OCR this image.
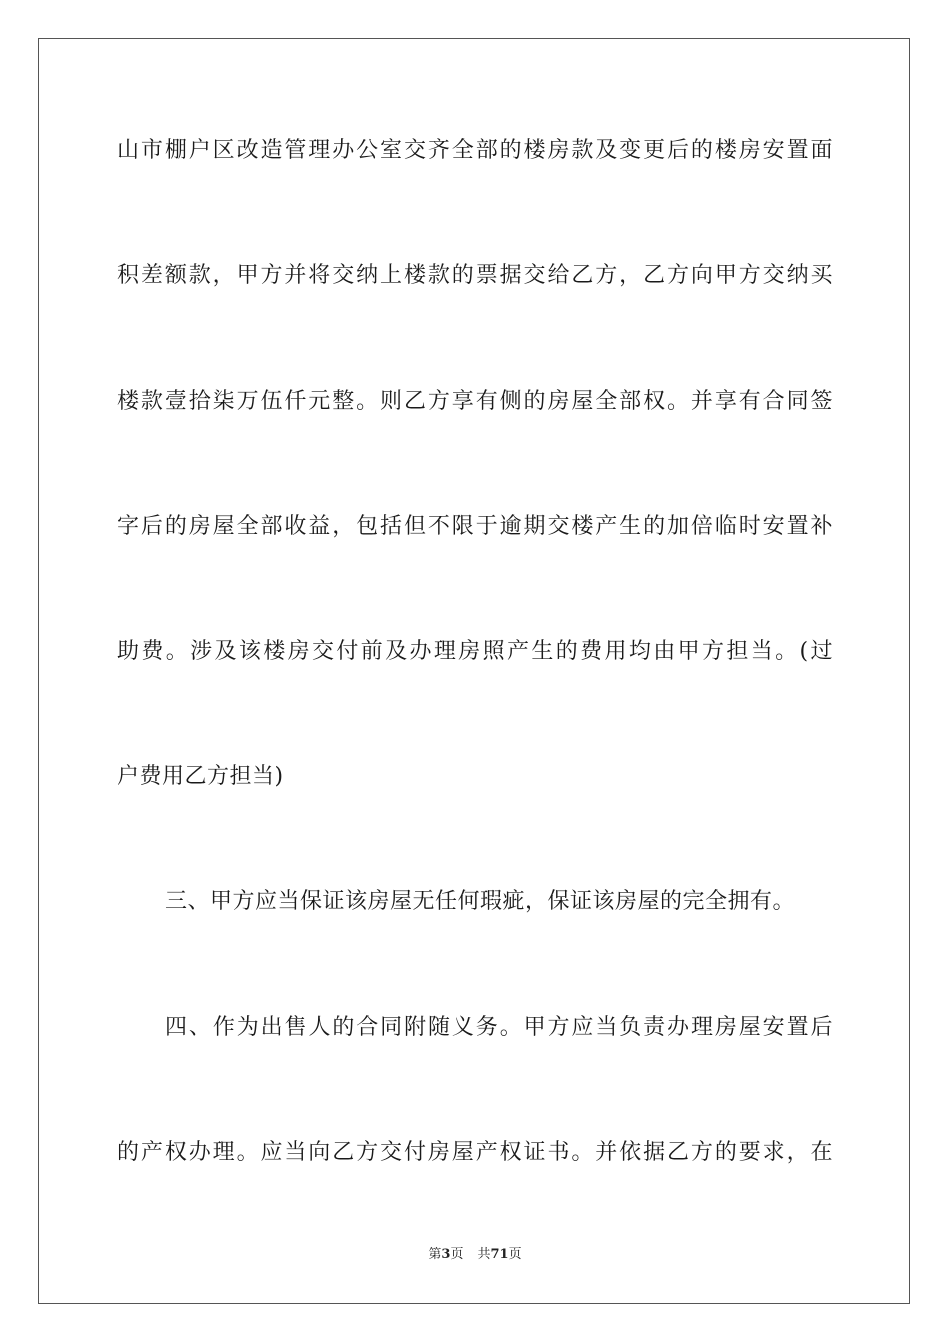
山市棚户区改造管理办公室交齐全部的楼房款及变更后的楼房安置面
积差额款，甲方并将交纳上楼款的票据交给乙方，乙方向甲方交纳买
楼款壹拾柒万伍仟元整。则乙方享有侧的房屋全部权。并享有合同签
字后的房屋全部收益，包括但不限于逾期交楼产生的加倍临时安置补
助费。涉及该楼房交付前及办理房照产生的费用均由甲方担当。(过
户费用乙方担当)
三、甲方应当保证该房屋无任何瑕疵，保证该房屋的完全拥有。
四、作为出售人的合同附随义务。甲方应当负责办理房屋安置后
的产权办理。应当向乙方交付房屋产权证书。并依据乙方的要求，在
第3页 共71页
